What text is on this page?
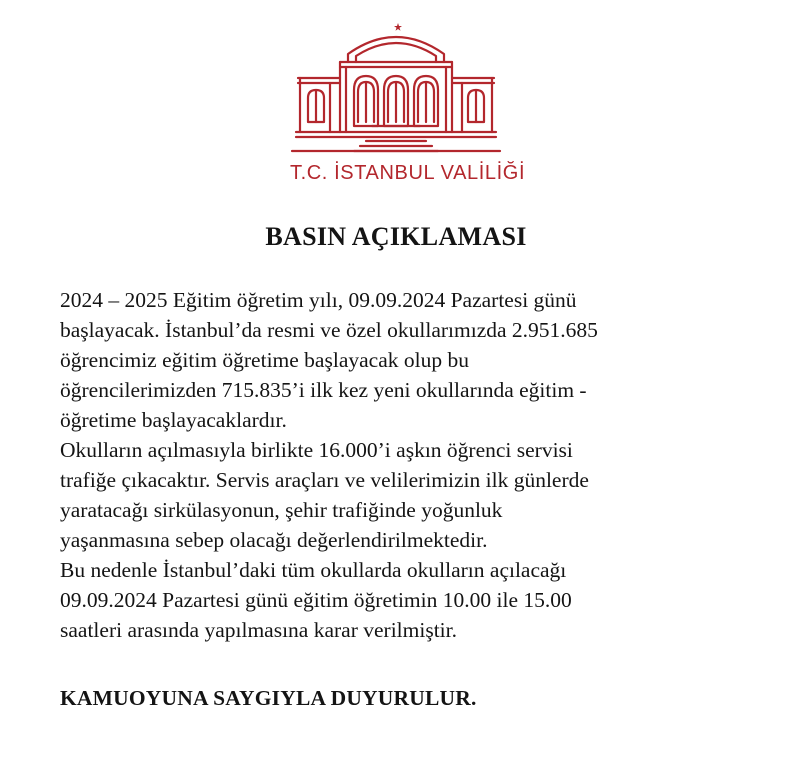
T.C. İSTANBUL VALİLİĞİ
BASIN AÇIKLAMASI

2024 – 2025 Eğitim öğretim yılı, 09.09.2024 Pazartesi günü
başlayacak. İstanbul’da resmi ve özel okullarımızda 2.951.685
öğrencimiz eğitim öğretime başlayacak olup bu
öğrencilerimizden 715.835’i ilk kez yeni okullarında eğitim -
öğretime başlayacaklardır.

Okulların açılmasıyla birlikte 16.000’i aşkın öğrenci servisi
trafiğe çıkacaktır. Servis araçları ve velilerimizin ilk günlerde
yaratacağı sirkülasyonun, şehir trafiğinde yoğunluk
yaşanmasına sebep olacağı değerlendirilmektedir.

Bu nedenle İstanbul’daki tüm okullarda okulların açılacağı
09.09.2024 Pazartesi günü eğitim öğretimin 10.00 ile 15.00
saatleri arasında yapılmasına karar verilmiştir.

KAMUOYUNA SAYGIYLA DUYURULUR.
